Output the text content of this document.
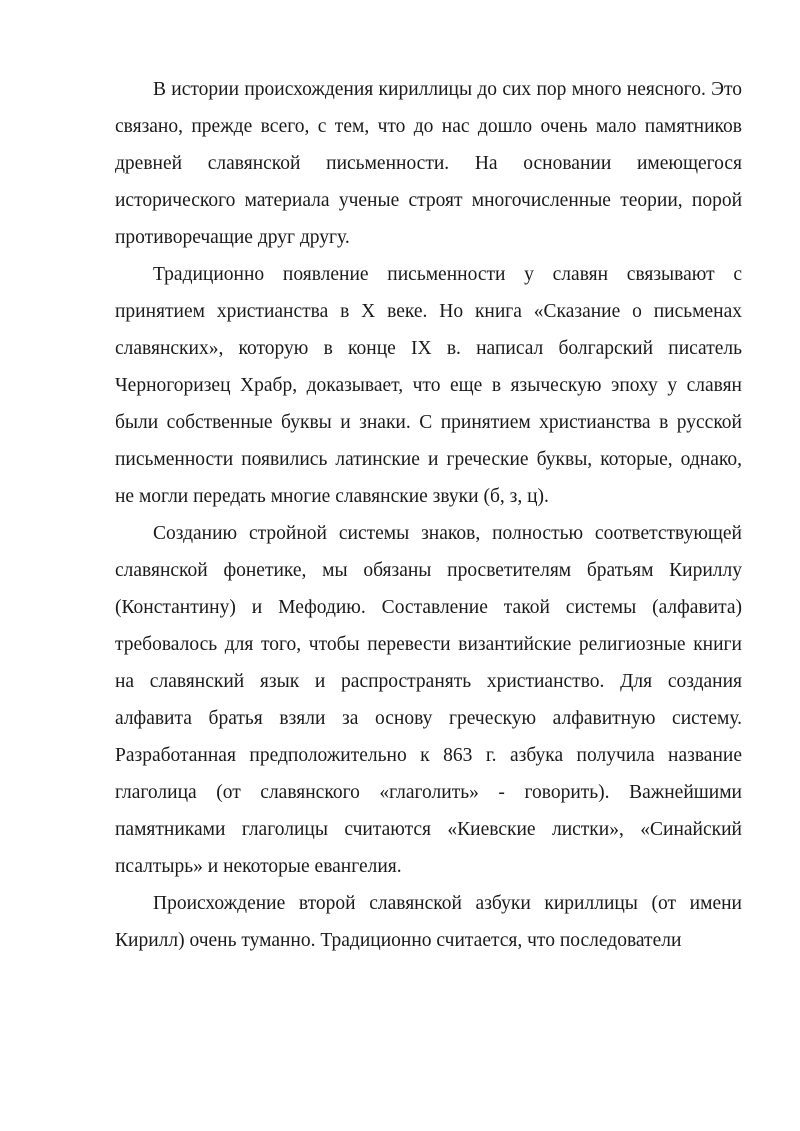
В истории происхождения кириллицы до сих пор много неясного. Это связано, прежде всего, с тем, что до нас дошло очень мало памятников древней славянской письменности. На основании имеющегося исторического материала ученые строят многочисленные теории, порой противоречащие друг другу.

Традиционно появление письменности у славян связывают с принятием христианства в X веке. Но книга «Сказание о письменах славянских», которую в конце IX в. написал болгарский писатель Черногоризец Храбр, доказывает, что еще в языческую эпоху у славян были собственные буквы и знаки. С принятием христианства в русской письменности появились латинские и греческие буквы, которые, однако, не могли передать многие славянские звуки (б, з, ц).

Созданию стройной системы знаков, полностью соответствующей славянской фонетике, мы обязаны просветителям братьям Кириллу (Константину) и Мефодию. Составление такой системы (алфавита) требовалось для того, чтобы перевести византийские религиозные книги на славянский язык и распространять христианство. Для создания алфавита братья взяли за основу греческую алфавитную систему. Разработанная предположительно к 863 г. азбука получила название глаголица (от славянского «глаголить» - говорить). Важнейшими памятниками глаголицы считаются «Киевские листки», «Синайский псалтырь» и некоторые евангелия.

Происхождение второй славянской азбуки кириллицы (от имени Кирилл) очень туманно. Традиционно считается, что последователи
